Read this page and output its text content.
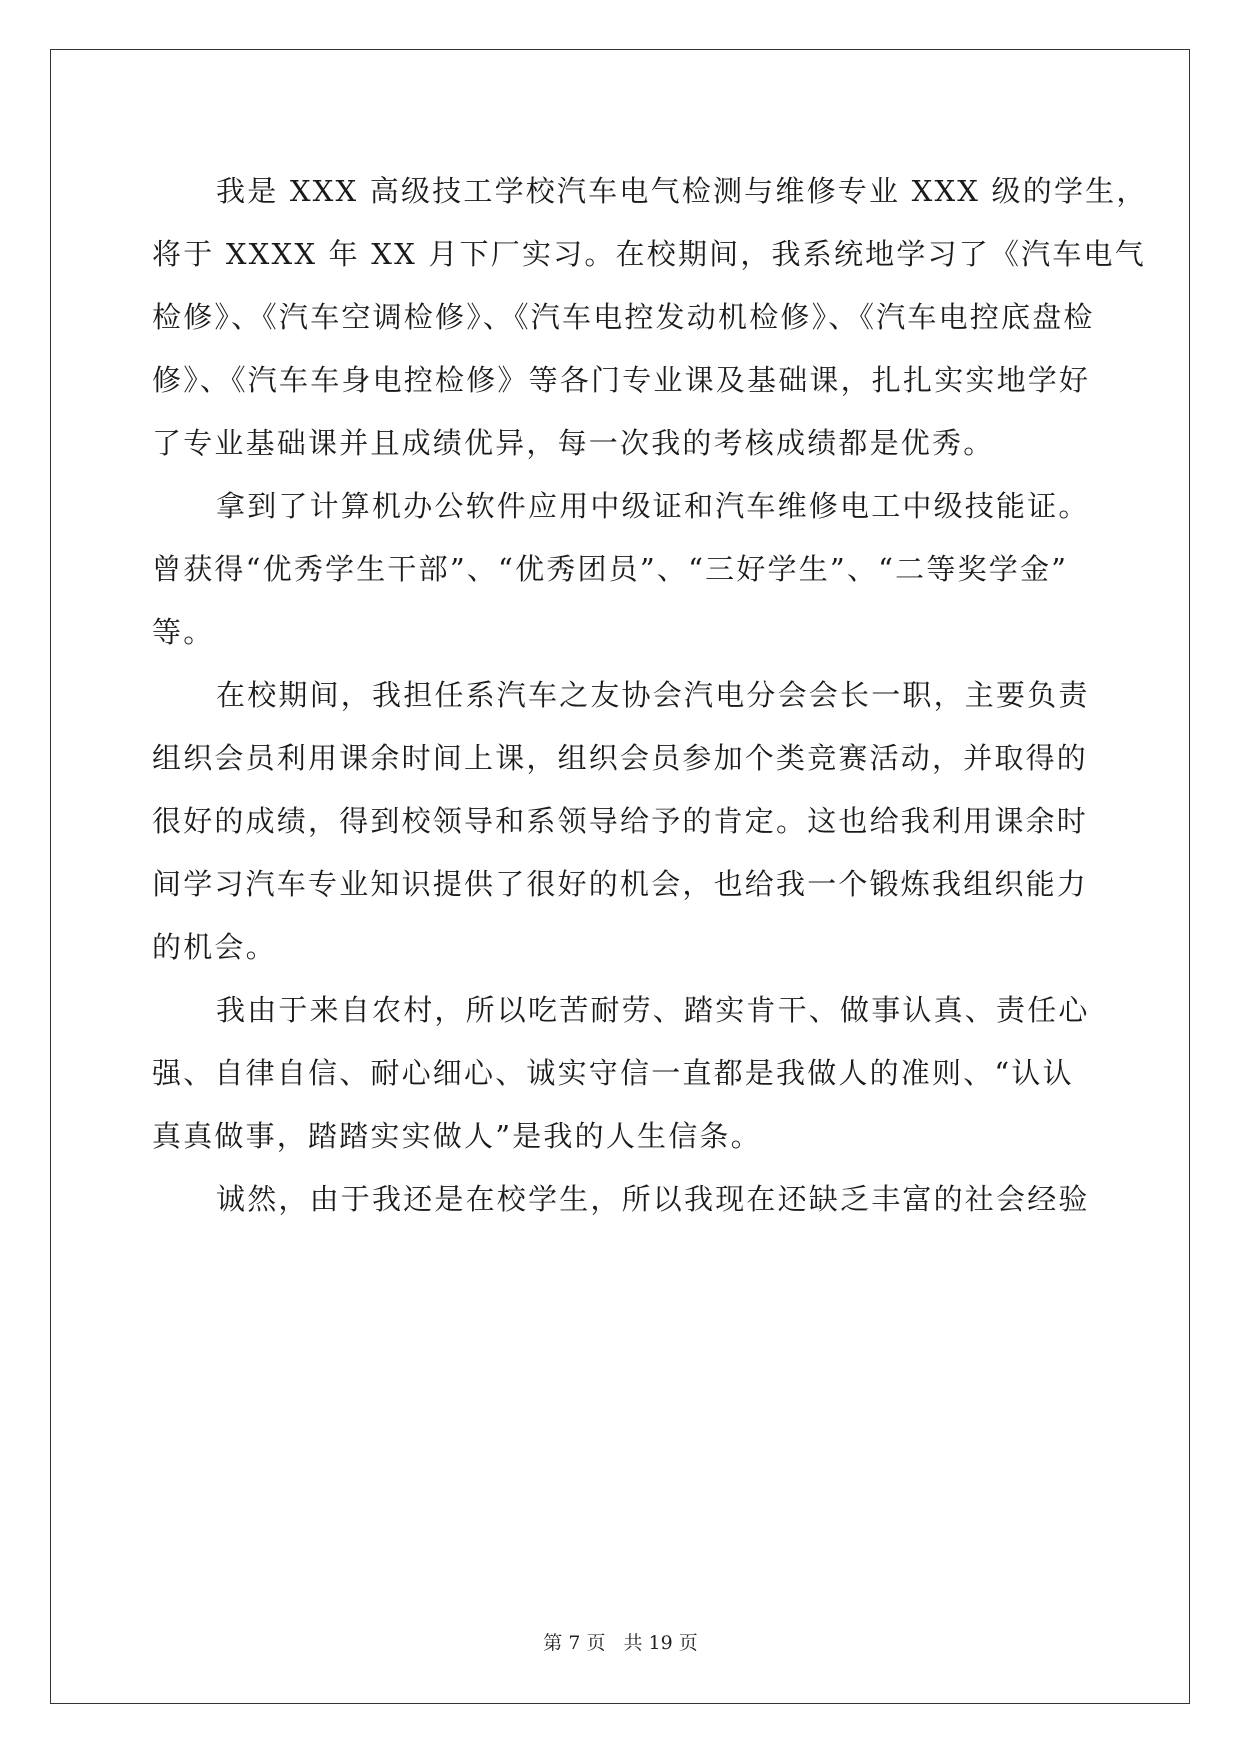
我是 XXX 高级技工学校汽车电气检测与维修专业 XXX 级的学生，
将于 XXXX 年 XX 月下厂实习。在校期间，我系统地学习了《汽车电气
检修》、《汽车空调检修》、《汽车电控发动机检修》、《汽车电控底盘检
修》、《汽车车身电控检修》等各门专业课及基础课，扎扎实实地学好
了专业基础课并且成绩优异，每一次我的考核成绩都是优秀。
拿到了计算机办公软件应用中级证和汽车维修电工中级技能证。
曾获得“优秀学生干部”、“优秀团员”、“三好学生”、“二等奖学金”
等。
在校期间，我担任系汽车之友协会汽电分会会长一职，主要负责
组织会员利用课余时间上课，组织会员参加个类竞赛活动，并取得的
很好的成绩，得到校领导和系领导给予的肯定。这也给我利用课余时
间学习汽车专业知识提供了很好的机会，也给我一个锻炼我组织能力
的机会。
我由于来自农村，所以吃苦耐劳、踏实肯干、做事认真、责任心
强、自律自信、耐心细心、诚实守信一直都是我做人的准则、“认认
真真做事，踏踏实实做人”是我的人生信条。
诚然，由于我还是在校学生，所以我现在还缺乏丰富的社会经验
第 7 页 共 19 页
